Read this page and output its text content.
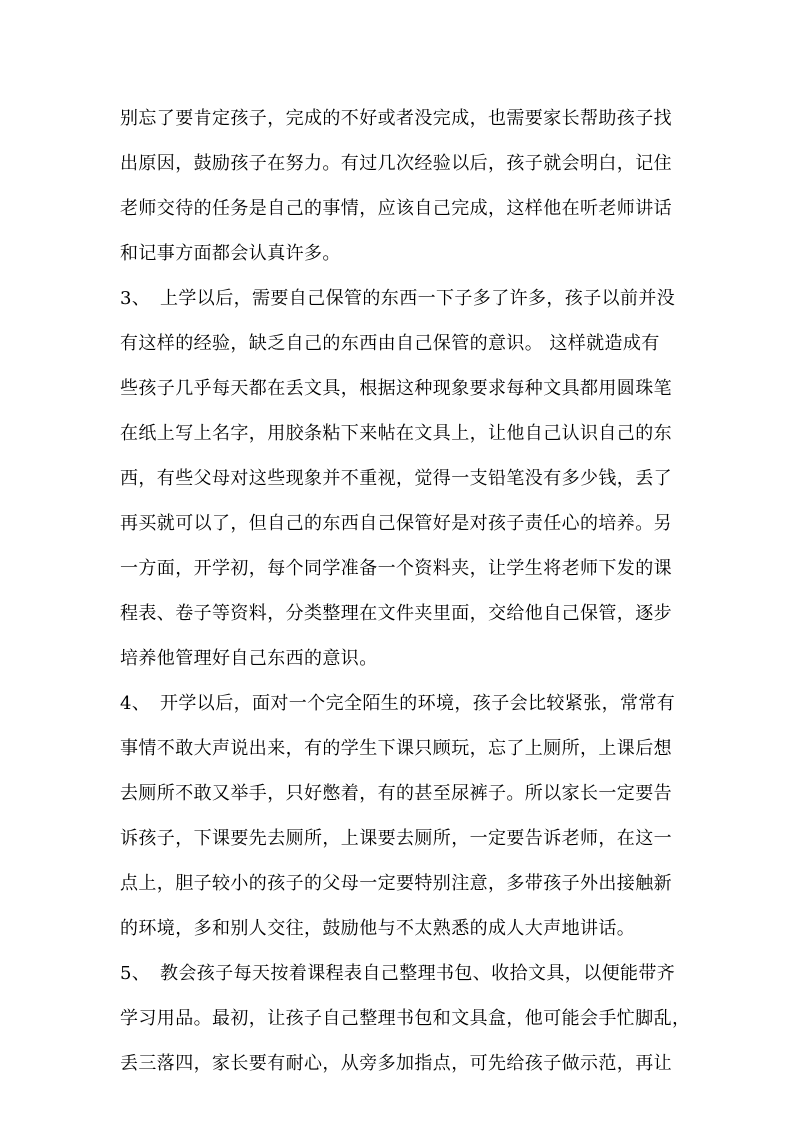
别忘了要肯定孩子，完成的不好或者没完成，也需要家长帮助孩子找
出原因，鼓励孩子在努力。有过几次经验以后，孩子就会明白，记住
老师交待的任务是自己的事情，应该自己完成，这样他在听老师讲话
和记事方面都会认真许多。
3、 上学以后，需要自己保管的东西一下子多了许多，孩子以前并没
有这样的经验，缺乏自己的东西由自己保管的意识。 这样就造成有
些孩子几乎每天都在丢文具，根据这种现象要求每种文具都用圆珠笔
在纸上写上名字，用胶条粘下来帖在文具上，让他自己认识自己的东
西，有些父母对这些现象并不重视，觉得一支铅笔没有多少钱，丢了
再买就可以了，但自己的东西自己保管好是对孩子责任心的培养。另
一方面，开学初，每个同学准备一个资料夹，让学生将老师下发的课
程表、卷子等资料，分类整理在文件夹里面，交给他自己保管，逐步
培养他管理好自己东西的意识。
4、 开学以后，面对一个完全陌生的环境，孩子会比较紧张，常常有
事情不敢大声说出来，有的学生下课只顾玩，忘了上厕所，上课后想
去厕所不敢又举手，只好憋着，有的甚至尿裤子。所以家长一定要告
诉孩子，下课要先去厕所，上课要去厕所，一定要告诉老师，在这一
点上，胆子较小的孩子的父母一定要特别注意，多带孩子外出接触新
的环境，多和别人交往，鼓励他与不太熟悉的成人大声地讲话。
5、 教会孩子每天按着课程表自己整理书包、收拾文具，以便能带齐
学习用品。最初，让孩子自己整理书包和文具盒，他可能会手忙脚乱，
丢三落四，家长要有耐心，从旁多加指点，可先给孩子做示范，再让
